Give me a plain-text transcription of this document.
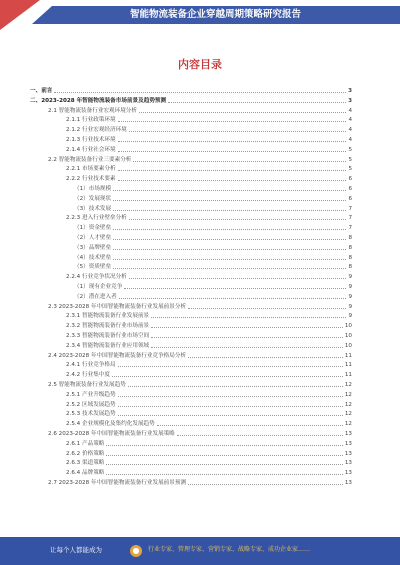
智能物流装备企业穿越周期策略研究报告
内容目录
一、前言	3
二、2023-2028 年智能物流装备市场前景及趋势预测	3
2.1 智能物流装备行业宏观环境分析	4
2.1.1 行业政策环境	4
2.1.2 行业宏观经济环境	4
2.1.3 行业技术环境	4
2.1.4 行业社会环境	5
2.2 智能物流装备行业三要素分析	5
2.2.1 市场要素分析	5
2.2.2 行业技术要素	6
（1）市场规模	6
（2）发展现状	6
（3）技术发展	7
2.2.3 进入行业壁垒分析	7
（1）资金壁垒	7
（2）人才壁垒	8
（3）品牌壁垒	8
（4）技术壁垒	8
（5）资质壁垒	8
2.2.4 行业竞争状况分析	9
（1）现有企业竞争	9
（2）潜在进入者	9
2.3 2023-2028 年中国智能物流装备行业发展前景分析	9
2.3.1 智能物流装备行业发展前景	9
2.3.2 智能物流装备行业市场前景	10
2.3.3 智能物流装备行业市场空间	10
2.3.4 智能物流装备行业应用领域	10
2.4 2023-2028 年中国智能物流装备行业竞争格局分析	11
2.4.1 行业竞争格局	11
2.4.2 行业集中度	11
2.5 智能物流装备行业发展趋势	12
2.5.1 产业升级趋势	12
2.5.2 区域发展趋势	12
2.5.3 技术发展趋势	12
2.5.4 企业规模化及集约化发展趋势	12
2.6 2023-2028 年中国智能物流装备行业发展策略	13
2.6.1 产品策略	13
2.6.2 价格策略	13
2.6.3 渠道策略	13
2.6.4 品牌策略	13
2.7 2023-2028 年中国智能物流装备行业发展前景预测	13
让每个人都能成为	●	行业专家、管理专家、营销专家、战略专家、成功企业家……
